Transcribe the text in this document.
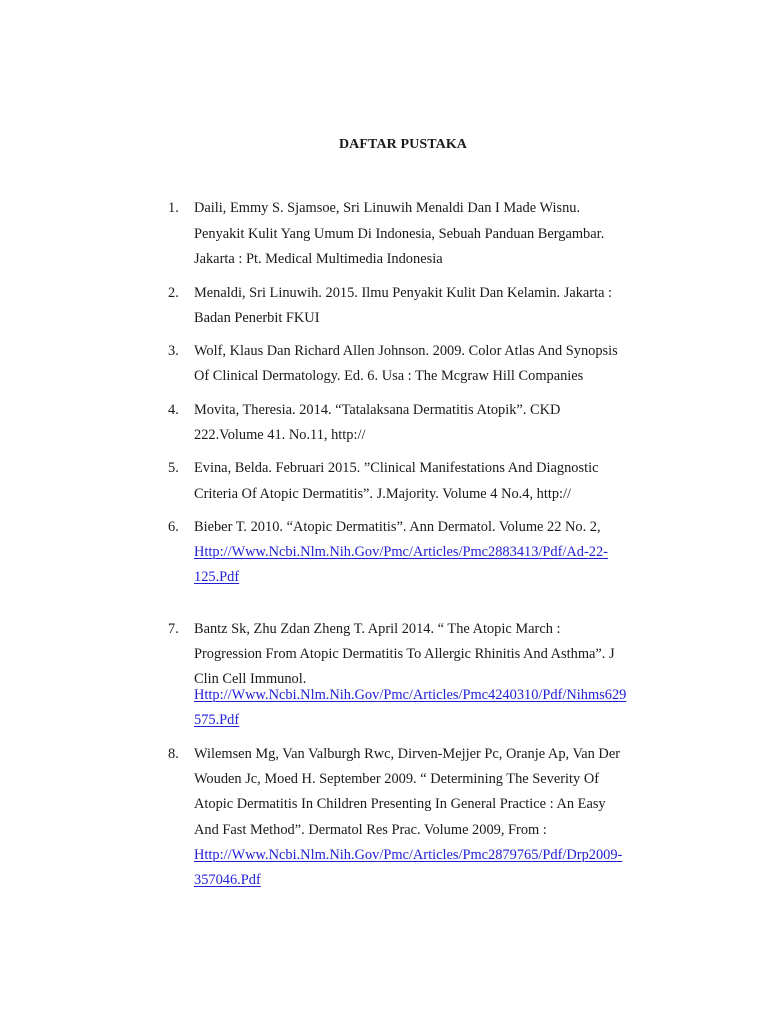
DAFTAR PUSTAKA
1. Daili, Emmy S. Sjamsoe, Sri Linuwih Menaldi Dan I Made Wisnu.
Penyakit Kulit Yang Umum Di Indonesia, Sebuah Panduan Bergambar.
Jakarta : Pt. Medical Multimedia Indonesia
2. Menaldi, Sri Linuwih. 2015. Ilmu Penyakit Kulit Dan Kelamin. Jakarta :
Badan Penerbit FKUI
3. Wolf, Klaus Dan Richard Allen Johnson. 2009. Color Atlas And Synopsis
Of Clinical Dermatology. Ed. 6. Usa : The Mcgraw Hill Companies
4. Movita, Theresia. 2014. “Tatalaksana Dermatitis Atopik”. CKD
222.Volume 41. No.11, http://
5. Evina, Belda. Februari 2015. ”Clinical Manifestations And Diagnostic
Criteria Of Atopic Dermatitis”. J.Majority. Volume 4 No.4, http://
6. Bieber T. 2010. “Atopic Dermatitis”. Ann Dermatol. Volume 22 No. 2,
Http://Www.Ncbi.Nlm.Nih.Gov/Pmc/Articles/Pmc2883413/Pdf/Ad-22-
125.Pdf
7. Bantz Sk, Zhu Zdan Zheng T. April 2014. “ The Atopic March :
Progression From Atopic Dermatitis To Allergic Rhinitis And Asthma”. J
Clin Cell Immunol.
Http://Www.Ncbi.Nlm.Nih.Gov/Pmc/Articles/Pmc4240310/Pdf/Nihms629
575.Pdf
8. Wilemsen Mg, Van Valburgh Rwc, Dirven-Mejjer Pc, Oranje Ap, Van Der
Wouden Jc, Moed H. September 2009. “ Determining The Severity Of
Atopic Dermatitis In Children Presenting In General Practice : An Easy
And Fast Method”. Dermatol Res Prac. Volume 2009, From :
Http://Www.Ncbi.Nlm.Nih.Gov/Pmc/Articles/Pmc2879765/Pdf/Drp2009-
357046.Pdf
